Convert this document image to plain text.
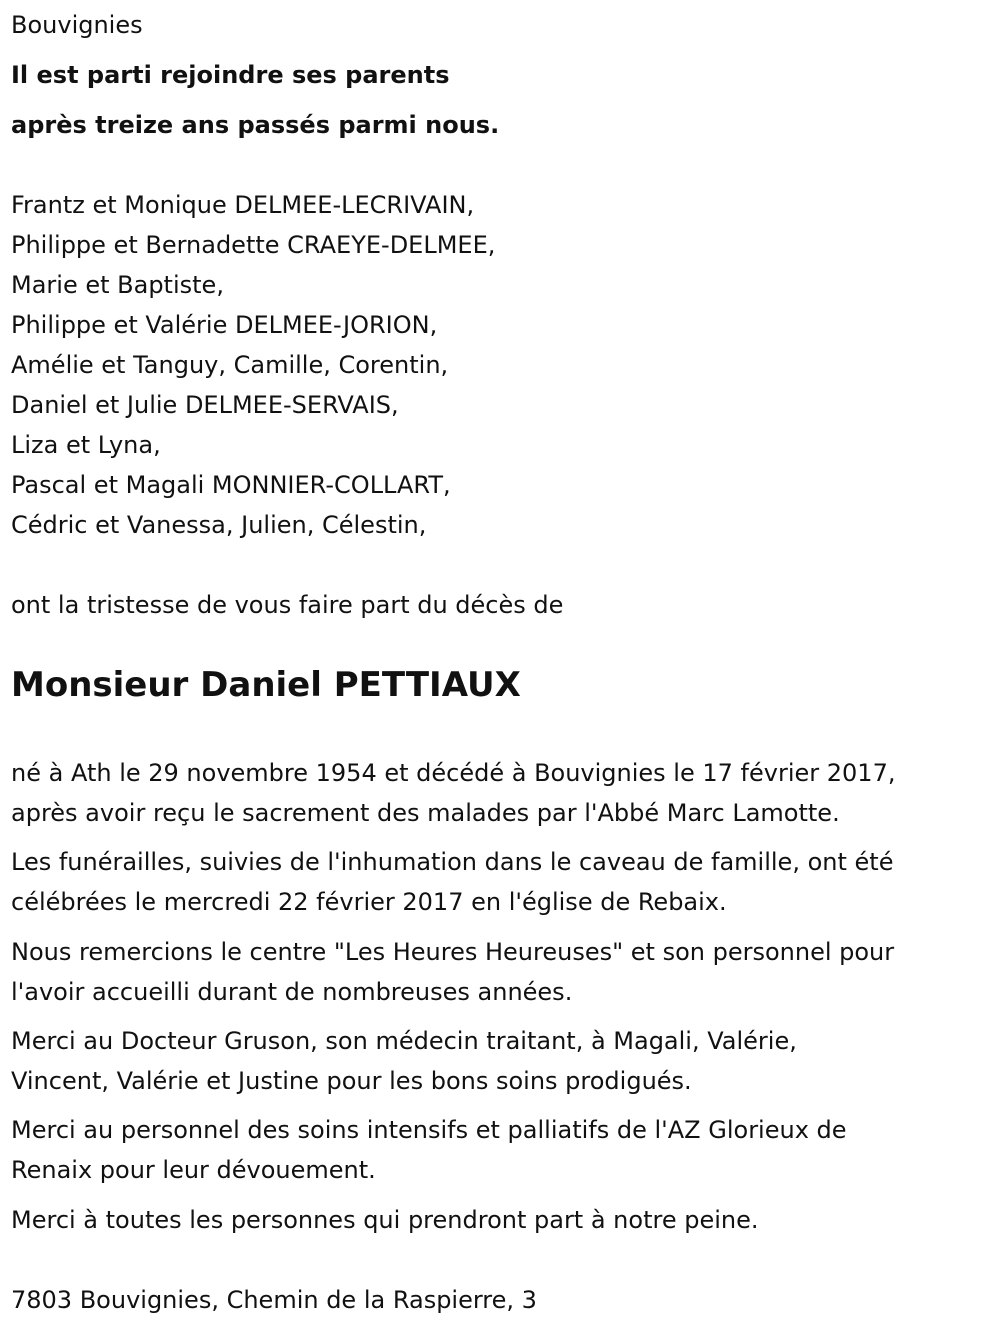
Bouvignies
Il est parti rejoindre ses parents
après treize ans passés parmi nous.
Frantz et Monique DELMEE-LECRIVAIN,
Philippe et Bernadette CRAEYE-DELMEE,
Marie et Baptiste,
Philippe et Valérie DELMEE-JORION,
Amélie et Tanguy, Camille, Corentin,
Daniel et Julie DELMEE-SERVAIS,
Liza et Lyna,
Pascal et Magali MONNIER-COLLART,
Cédric et Vanessa, Julien, Célestin,
ont la tristesse de vous faire part du décès de
Monsieur Daniel PETTIAUX
né à Ath le 29 novembre 1954 et décédé à Bouvignies le 17 février 2017,
après avoir reçu le sacrement des malades par l'Abbé Marc Lamotte.
Les funérailles, suivies de l'inhumation dans le caveau de famille, ont été
célébrées le mercredi 22 février 2017 en l'église de Rebaix.
Nous remercions le centre "Les Heures Heureuses" et son personnel pour
l'avoir accueilli durant de nombreuses années.
Merci au Docteur Gruson, son médecin traitant, à Magali, Valérie,
Vincent, Valérie et Justine pour les bons soins prodigués.
Merci au personnel des soins intensifs et palliatifs de l'AZ Glorieux de
Renaix pour leur dévouement.
Merci à toutes les personnes qui prendront part à notre peine.
7803 Bouvignies, Chemin de la Raspierre, 3
